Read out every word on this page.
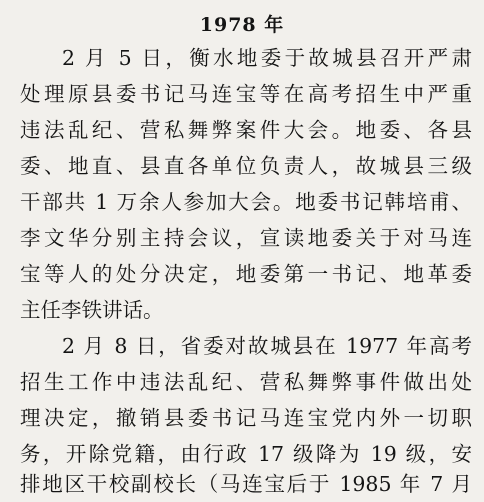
1978 年
2 月 5 日，衡水地委于故城县召开严肃
处理原县委书记马连宝等在高考招生中严重
违法乱纪、营私舞弊案件大会。地委、各县
委、地直、县直各单位负责人，故城县三级
干部共 1 万余人参加大会。地委书记韩培甫、
李文华分别主持会议，宣读地委关于对马连
宝等人的处分决定，地委第一书记、地革委
主任李铁讲话。
2 月 8 日，省委对故城县在 1977 年高考
招生工作中违法乱纪、营私舞弊事件做出处
理决定，撤销县委书记马连宝党内外一切职
务，开除党籍，由行政 17 级降为 19 级，安
排地区干校副校长（马连宝后于 1985 年 7 月
